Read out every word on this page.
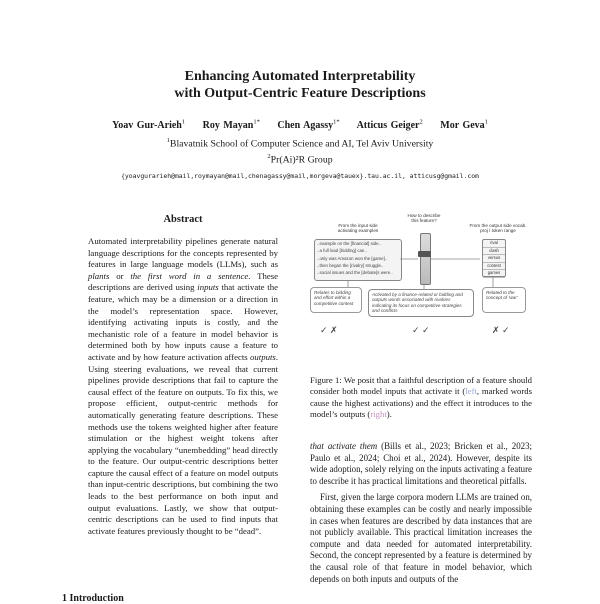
Enhancing Automated Interpretability
with Output-Centric Feature Descriptions
Yoav Gur-Arieh$^1$ Roy Mayan$^{1*}$ Chen Agassy$^{1*}$ Atticus Geiger$^2$ Mor Geva$^1$
$^1$Blavatnik School of Computer Science and AI, Tel Aviv University
$^2$Pr(Ai)²R Group
{yoavgurarieh@mail,roymayan@mail,chenagassy@mail,morgeva@tauex}.tau.ac.il, atticusg@gmail.com
Abstract
Automated interpretability pipelines generate natural language descriptions for the concepts represented by features in large language models (LLMs), such as plants or the first word in a sentence. These descriptions are derived using inputs that activate the feature, which may be a dimension or a direction in the model’s representation space. However, identifying activating inputs is costly, and the mechanistic role of a feature in model behavior is determined both by how inputs cause a feature to activate and by how feature activation affects outputs. Using steering evaluations, we reveal that current pipelines provide descriptions that fail to capture the causal effect of the feature on outputs. To fix this, we propose efficient, output-centric methods for automatically generating feature descriptions. These methods use the tokens weighted higher after feature stimulation or the highest weight tokens after applying the vocabulary “unembedding” head directly to the feature. Our output-centric descriptions better capture the causal effect of a feature on model outputs than input-centric descriptions, but combining the two leads to the best performance on both input and output evaluations. Lastly, we show that output-centric descriptions can be used to find inputs that activate features previously thought to be “dead”.
1 Introduction
From the input side activating examples
How to describe this feature?
From the output side vocab. proj / token range
..example on the [financial] side..
..a full load [bidding] can..
..only was Amazon won the [game]..
..then began the [rivalry] struggle..
..social issues and the [debate]s were..
rival
clash
versus
contest
games
Relates to bidding and effort within a competitive context
Activated by a finance-related or bidding and outputs words associated with rivalries indicating its focus on competitive strategies and conflicts
Related to the concept of 'war'
✓ ✗	✓ ✓	✗ ✓
Figure 1: We posit that a faithful description of a feature should consider both model inputs that activate it (left, marked words cause the highest activations) and the effect it introduces to the model’s outputs (right).

that activate them (Bills et al., 2023; Bricken et al., 2023; Paulo et al., 2024; Choi et al., 2024). However, despite its wide adoption, solely relying on the inputs activating a feature to describe it has practical limitations and theoretical pitfalls.

First, given the large corpora modern LLMs are trained on, obtaining these examples can be costly and nearly impossible in cases when features are described by data instances that are not publicly available. This practical limitation increases the compute and data needed for automated interpretability. Second, the concept represented by a feature is determined by the causal role of that feature in model behavior, which depends on both inputs and outputs of the
